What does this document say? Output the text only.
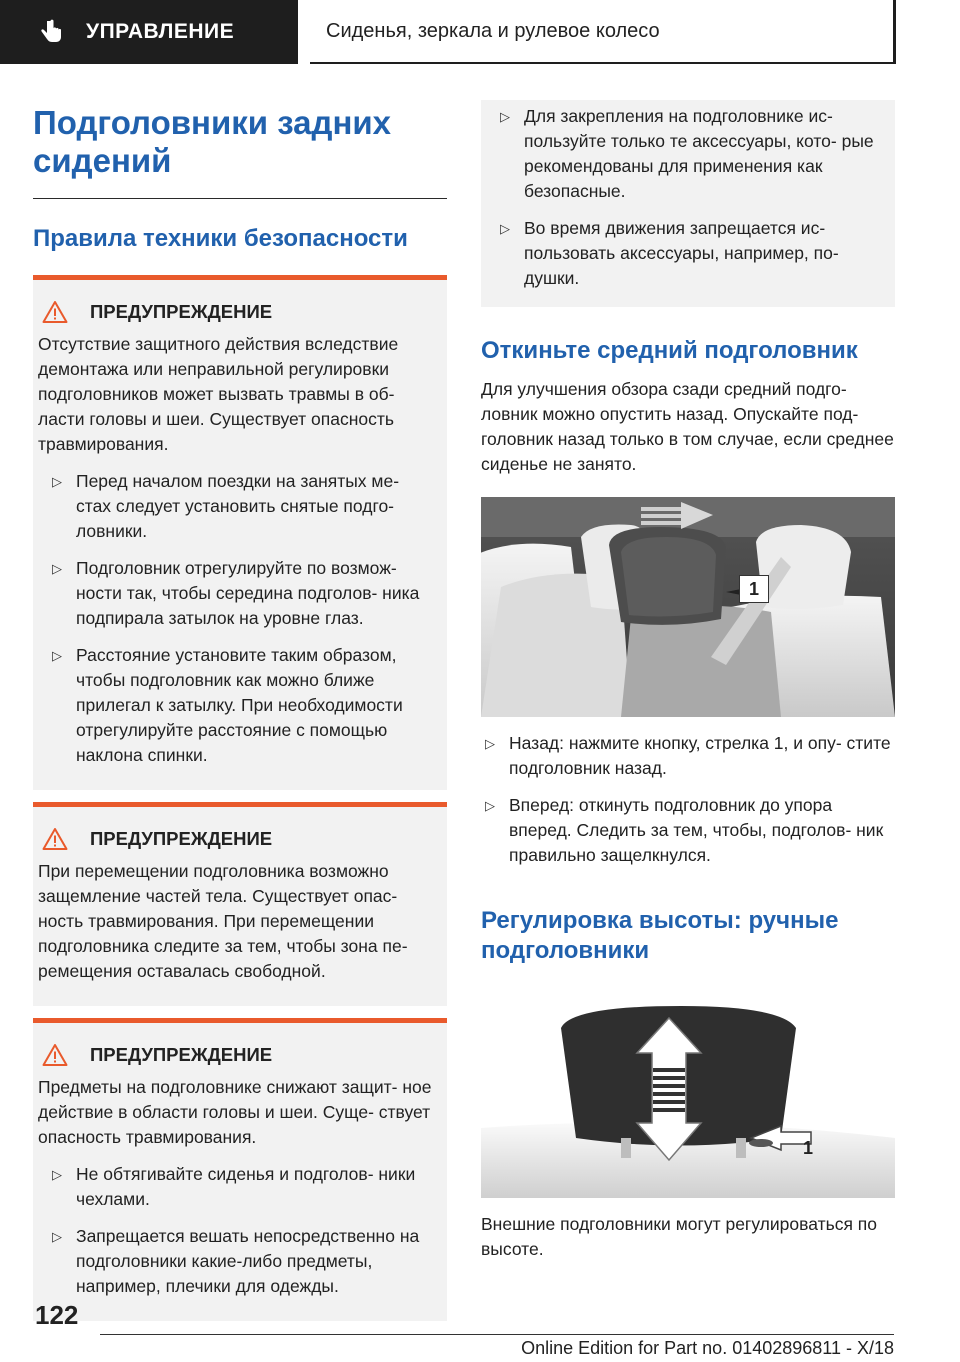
УПРАВЛЕНИЕ	Сиденья, зеркала и рулевое колесо
Подголовники задних
сидений
Правила техники безопасности
ПРЕДУПРЕЖДЕНИЕ

Отсутствие защитного действия вследствие демонтажа или неправильной регулировки подголовников может вызвать травмы в об- ласти головы и шеи. Существует опасность травмирования.

▷ Перед началом поездки на занятых ме- стах следует установить снятые подго- ловники.
▷ Подголовник отрегулируйте по возмож- ности так, чтобы середина подголов- ника подпирала затылок на уровне глаз.
▷ Расстояние установите таким образом, чтобы подголовник как можно ближе прилегал к затылку. При необходимости отрегулируйте расстояние с помощью наклона спинки.
ПРЕДУПРЕЖДЕНИЕ

При перемещении подголовника возможно защемление частей тела. Существует опас- ность травмирования. При перемещении подголовника следите за тем, чтобы зона пе- ремещения оставалась свободной.

ПРЕДУПРЕЖДЕНИЕ

Предметы на подголовнике снижают защит- ное действие в области головы и шеи. Суще- ствует опасность травмирования.

▷ Не обтягивайте сиденья и подголов- ники чехлами.
▷ Запрещается вешать непосредственно на подголовники какие-либо предметы, например, плечики для одежды.
▷ Для закрепления на подголовнике ис- пользуйте только те аксессуары, кото- рые рекомендованы для применения как безопасные.
▷ Во время движения запрещается ис- пользовать аксессуары, например, по- душки.
Откиньте средний подголовник

Для улучшения обзора сзади средний подго- ловник можно опустить назад. Опускайте под- головник назад только в том случае, если среднее сиденье не занято.

1
▷ Назад: нажмите кнопку, стрелка 1, и опу- стите подголовник назад.
▷ Вперед: откинуть подголовник до упора вперед. Следить за тем, чтобы, подголов- ник правильно защелкнулся.
Регулировка высоты: ручные
подголовники
1

Внешние подголовники могут регулироваться по высоте.

122
Online Edition for Part no. 01402896811 - X/18
